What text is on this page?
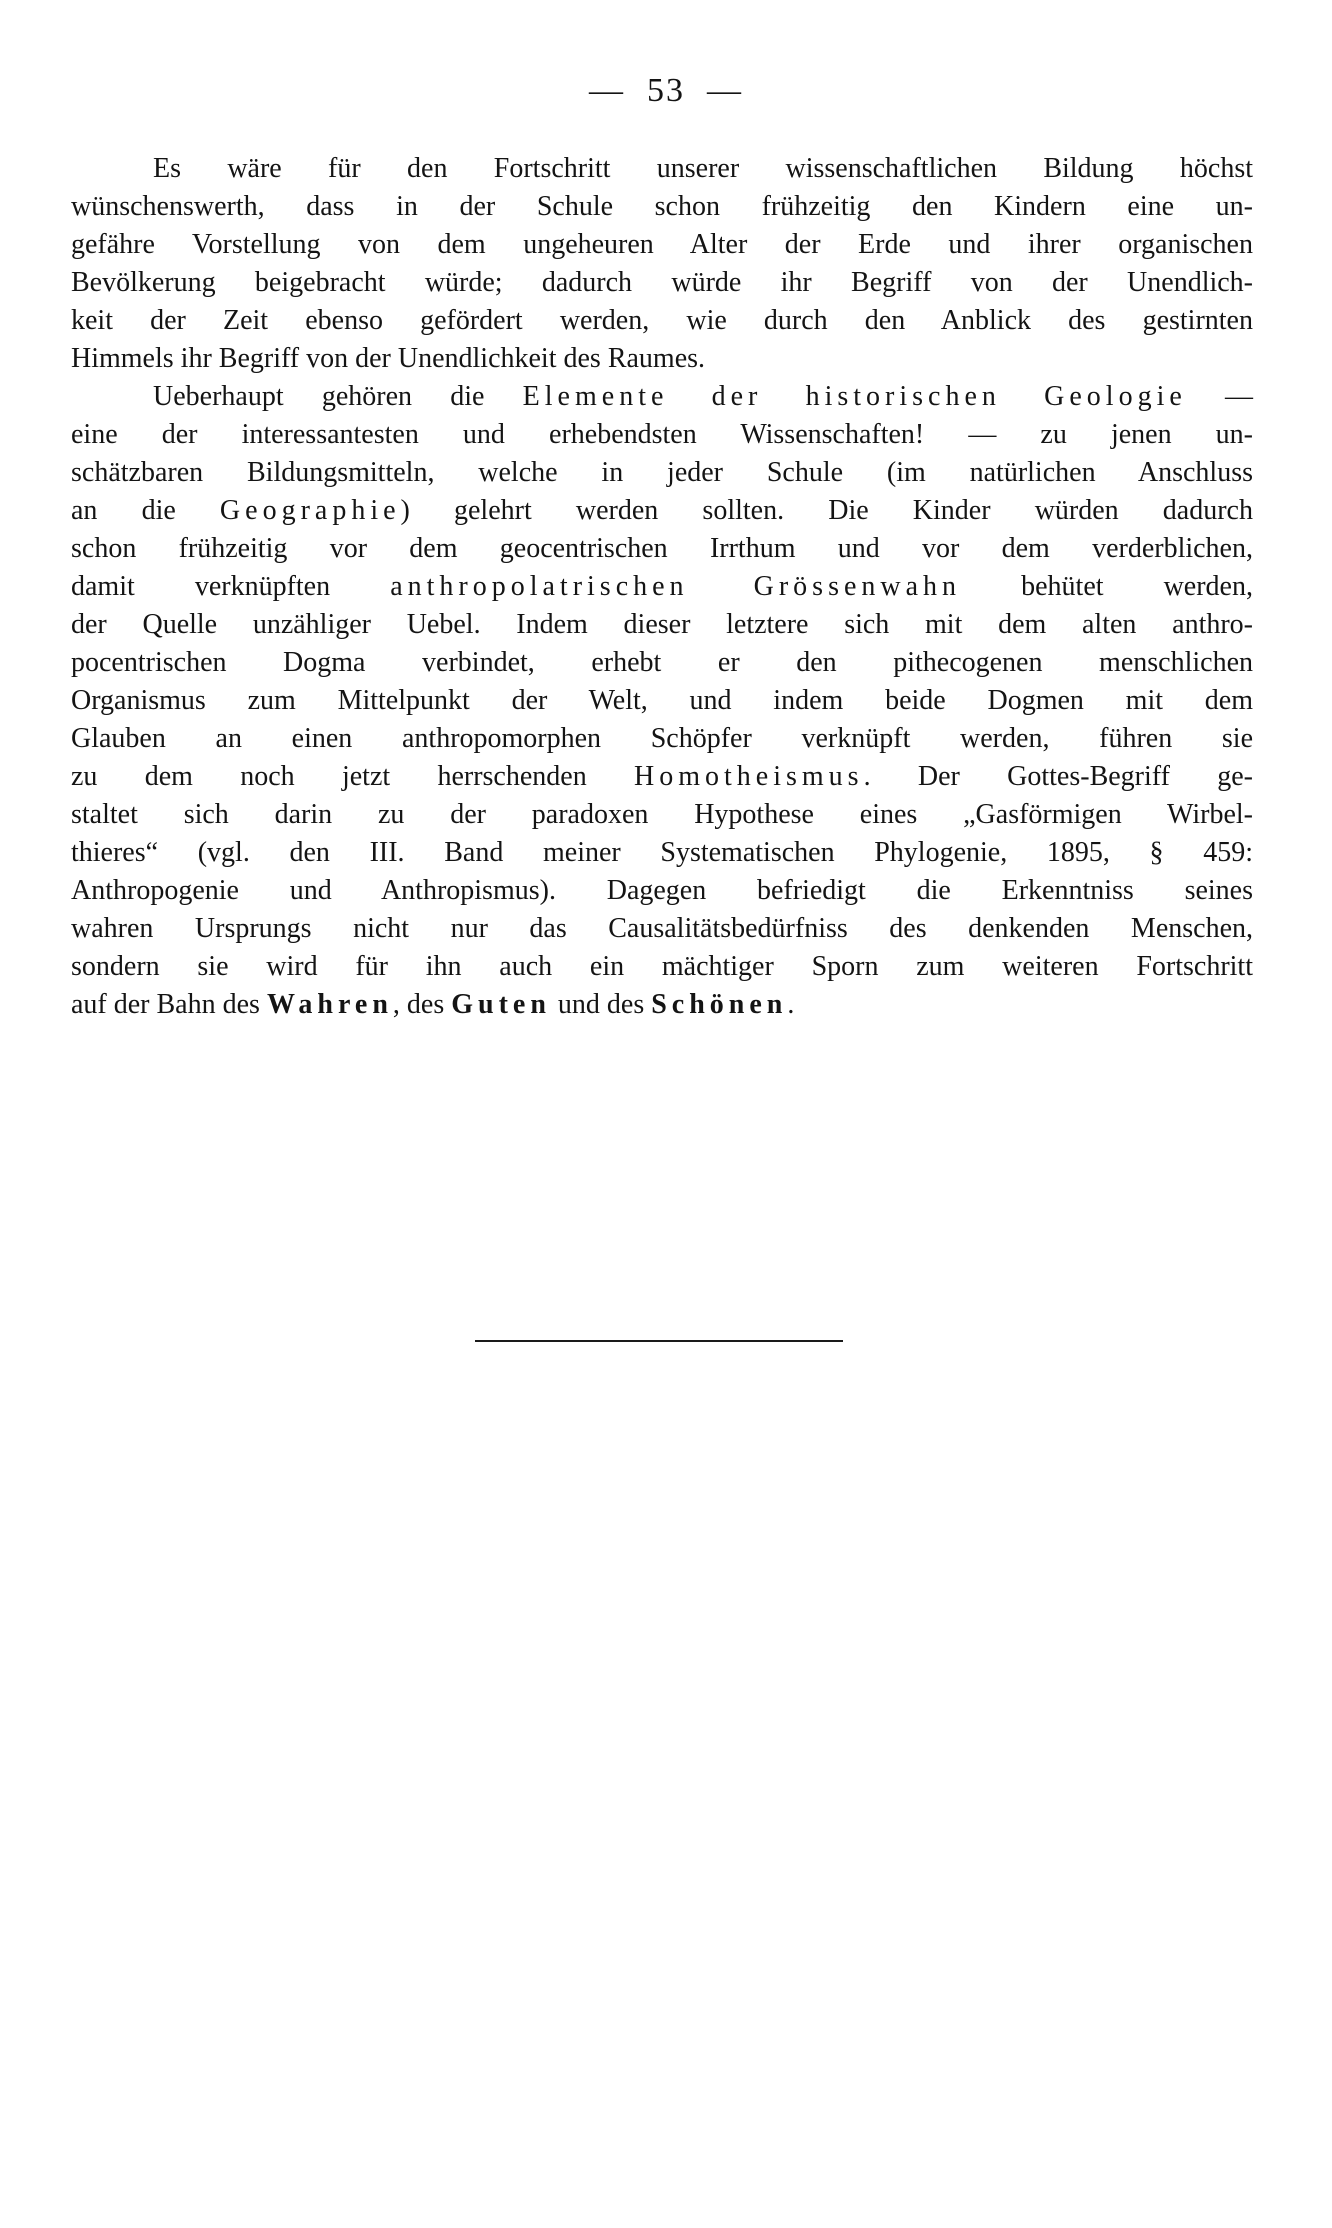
— 53 —
Es wäre für den Fortschritt unserer wissenschaftlichen Bildung höchst
wünschenswerth, dass in der Schule schon frühzeitig den Kindern eine un-
gefähre Vorstellung von dem ungeheuren Alter der Erde und ihrer organischen
Bevölkerung beigebracht würde; dadurch würde ihr Begriff von der Unendlich-
keit der Zeit ebenso gefördert werden, wie durch den Anblick des gestirnten
Himmels ihr Begriff von der Unendlichkeit des Raumes.
Ueberhaupt gehören die Elemente der historischen Geologie —
eine der interessantesten und erhebendsten Wissenschaften! — zu jenen un-
schätzbaren Bildungsmitteln, welche in jeder Schule (im natürlichen Anschluss
an die Geographie) gelehrt werden sollten. Die Kinder würden dadurch
schon frühzeitig vor dem geocentrischen Irrthum und vor dem verderblichen,
damit verknüpften anthropolatrischen Grössenwahn behütet werden,
der Quelle unzähliger Uebel. Indem dieser letztere sich mit dem alten anthro-
pocentrischen Dogma verbindet, erhebt er den pithecogenen menschlichen
Organismus zum Mittelpunkt der Welt, und indem beide Dogmen mit dem
Glauben an einen anthropomorphen Schöpfer verknüpft werden, führen sie
zu dem noch jetzt herrschenden Homotheismus. Der Gottes-Begriff ge-
staltet sich darin zu der paradoxen Hypothese eines „Gasförmigen Wirbel-
thieres“ (vgl. den III. Band meiner Systematischen Phylogenie, 1895, § 459:
Anthropogenie und Anthropismus). Dagegen befriedigt die Erkenntniss seines
wahren Ursprungs nicht nur das Causalitätsbedürfniss des denkenden Menschen,
sondern sie wird für ihn auch ein mächtiger Sporn zum weiteren Fortschritt
auf der Bahn des Wahren, des Guten und des Schönen.
